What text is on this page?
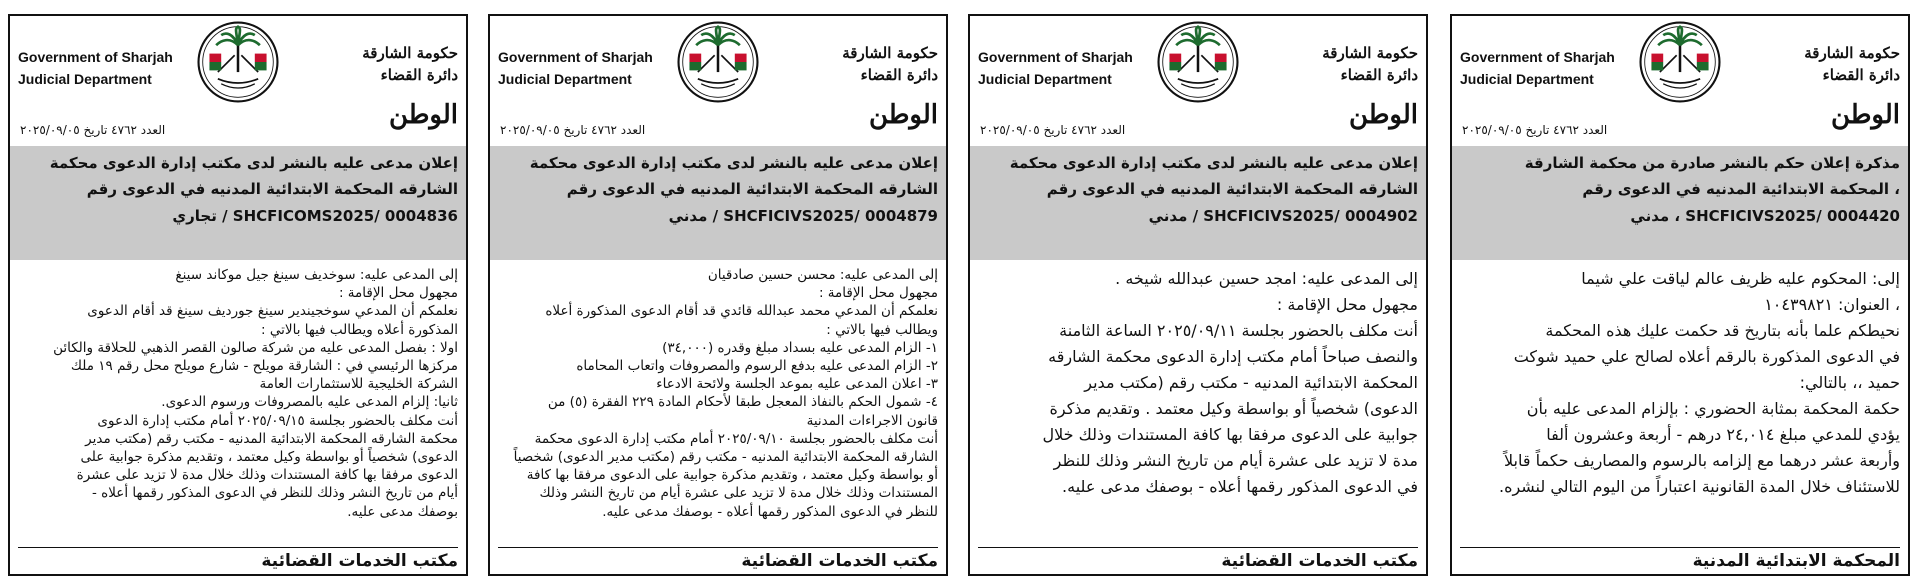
Government of Sharjah
Judicial Department
حكومة الشارقة
دائرة القضاء
الوطن
العدد ٤٧٦٢ تاريخ ٢٠٢٥/٠٩/٠٥
مذكرة إعلان حكم بالنشر صادرة من محكمة الشارقة
، المحكمة الابتدائية المدنيه في الدعوى رقم
SHCFICIVS2025/ 0004420 ، مدني
إلى: المحكوم عليه ظريف عالم لياقت علي شيما
، العنوان: ١٠٤٣٩٨٢١
نحيطكم علما بأنه بتاريخ قد حكمت عليك هذه المحكمة
في الدعوى المذكورة بالرقم أعلاه لصالح علي حميد شوكت
حميد ،، بالتالي:
حكمة المحكمة بمثابة الحضوري : بإلزام المدعى عليه بأن
يؤدي للمدعي مبلغ ٢٤,٠١٤ درهم - أربعة وعشرون ألفا
وأربعة عشر درهما مع إلزامه بالرسوم والمصاريف حكماً قابلاً
للاستئناف خلال المدة القانونية اعتباراً من اليوم التالي لنشره.
المحكمة الابتدائية المدنية
Government of Sharjah
Judicial Department
حكومة الشارقة
دائرة القضاء
الوطن
العدد ٤٧٦٢ تاريخ ٢٠٢٥/٠٩/٠٥
إعلان مدعى عليه بالنشر لدى مكتب إدارة الدعوى محكمة
الشارقه المحكمة الابتدائية المدنيه في الدعوى رقم
SHCFICIVS2025/ 0004902 / مدني
إلى المدعى عليه: امجد حسين عبدالله شيخه .
مجهول محل الإقامة :
أنت مكلف بالحضور بجلسة ٢٠٢٥/٠٩/١١ الساعة الثامنة
والنصف صباحاً أمام مكتب إدارة الدعوى محكمة الشارقه
المحكمة الابتدائية المدنيه - مكتب رقم (مكتب مدير
الدعوى) شخصياً أو بواسطة وكيل معتمد . وتقديم مذكرة
جوابية على الدعوى مرفقا بها كافة المستندات وذلك خلال
مدة لا تزيد على عشرة أيام من تاريخ النشر وذلك للنظر
في الدعوى المذكور رقمها أعلاه - بوصفك مدعى عليه.
مكتب الخدمات القضائية
Government of Sharjah
Judicial Department
حكومة الشارقة
دائرة القضاء
الوطن
العدد ٤٧٦٢ تاريخ ٢٠٢٥/٠٩/٠٥
إعلان مدعى عليه بالنشر لدى مكتب إدارة الدعوى محكمة
الشارقه المحكمة الابتدائية المدنيه في الدعوى رقم
SHCFICIVS2025/ 0004879 / مدني
إلى المدعى عليه: محسن حسين صادقيان
مجهول محل الإقامة :
نعلمكم أن المدعي محمد عبدالله قائدي قد أقام الدعوى المذكورة أعلاه
ويطالب فيها بالاتي :
١- الزام المدعى عليه بسداد مبلغ وقدره (٣٤,٠٠٠)
٢- الزام المدعى عليه بدفع الرسوم والمصروفات واتعاب المحاماه
٣- اعلان المدعى عليه بموعد الجلسة ولائحة الادعاء
٤- شمول الحكم بالنفاذ المعجل طبقا لأحكام المادة ٢٢٩ الفقرة (٥) من
قانون الاجراءات المدنية
أنت مكلف بالحضور بجلسة ٢٠٢٥/٠٩/١٠ أمام مكتب إدارة الدعوى محكمة
الشارقه المحكمة الابتدائية المدنيه - مكتب رقم (مكتب مدير الدعوى) شخصياً
أو بواسطة وكيل معتمد ، وتقديم مذكرة جوابية على الدعوى مرفقا بها كافة
المستندات وذلك خلال مدة لا تزيد على عشرة أيام من تاريخ النشر وذلك
للنظر في الدعوى المذكور رقمها أعلاه - بوصفك مدعى عليه.
مكتب الخدمات القضائية
Government of Sharjah
Judicial Department
حكومة الشارقة
دائرة القضاء
الوطن
العدد ٤٧٦٢ تاريخ ٢٠٢٥/٠٩/٠٥
إعلان مدعى عليه بالنشر لدى مكتب إدارة الدعوى محكمة
الشارقه المحكمة الابتدائية المدنيه في الدعوى رقم
SHCFICOMS2025/ 0004836 / تجاري
إلى المدعى عليه: سوخديف سينغ جيل موكاند سينغ
مجهول محل الإقامة :
نعلمكم أن المدعي سوخجيندير سينغ جورديف سينغ قد أقام الدعوى
المذكورة أعلاه ويطالب فيها بالاتي :
اولا : بفصل المدعى عليه من شركة صالون القصر الذهبي للحلاقة والكائن
مركزها الرئيسي في : الشارقة مويلح - شارع مويلح محل رقم ١٩ ملك
الشركة الخليجية للاستثمارات العامة
ثانيا: إلزام المدعى عليه بالمصروفات ورسوم الدعوى.
أنت مكلف بالحضور بجلسة ٢٠٢٥/٠٩/١٥ أمام مكتب إدارة الدعوى
محكمة الشارقه المحكمة الابتدائية المدنيه - مكتب رقم (مكتب مدير
الدعوى) شخصياً أو بواسطة وكيل معتمد ، وتقديم مذكرة جوابية على
الدعوى مرفقا بها كافة المستندات وذلك خلال مدة لا تزيد على عشرة
أيام من تاريخ النشر وذلك للنظر في الدعوى المذكور رقمها أعلاه -
بوصفك مدعى عليه.
مكتب الخدمات القضائية
